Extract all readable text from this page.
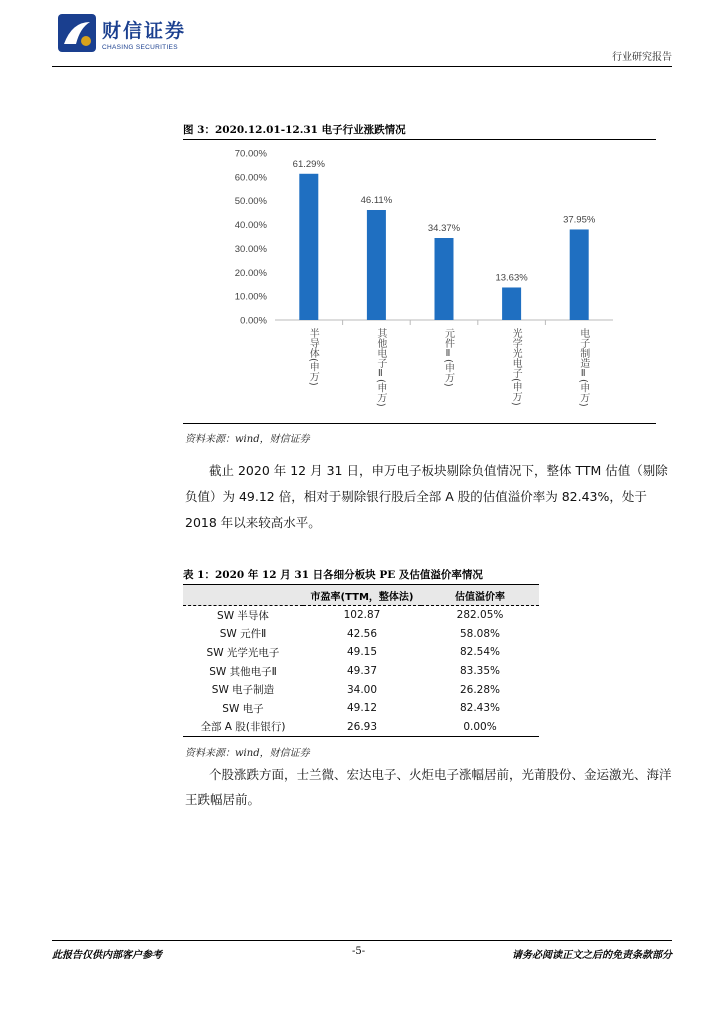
财信证券
CHASING SECURITIES
行业研究报告
图 3：2020.12.01-12.31 电子行业涨跌情况
0.00%
10.00%
20.00%
30.00%
40.00%
50.00%
60.00%
70.00%
61.29%
半导体(申万)
46.11%
其他电子Ⅱ(申万)
34.37%
元件Ⅱ(申万)
13.63%
光学光电子(申万)
37.95%
电子制造Ⅱ(申万)
资料来源：wind，财信证券
截止 2020 年 12 月 31 日，申万电子板块剔除负值情况下，整体 TTM 估值（剔除负值）为 49.12 倍，相对于剔除银行股后全部 A 股的估值溢价率为 82.43%，处于 2018 年以来较高水平。
表 1：2020 年 12 月 31 日各细分板块 PE 及估值溢价率情况
	市盈率(TTM，整体法)	估值溢价率
SW 半导体	102.87	282.05%
SW 元件Ⅱ	42.56	58.08%
SW 光学光电子	49.15	82.54%
SW 其他电子Ⅱ	49.37	83.35%
SW 电子制造	34.00	26.28%
SW 电子	49.12	82.43%
全部 A 股(非银行)	26.93	0.00%
资料来源：wind，财信证券
个股涨跌方面，士兰微、宏达电子、火炬电子涨幅居前，光莆股份、金运激光、海洋王跌幅居前。
此报告仅供内部客户参考	-5-	请务必阅读正文之后的免责条款部分
